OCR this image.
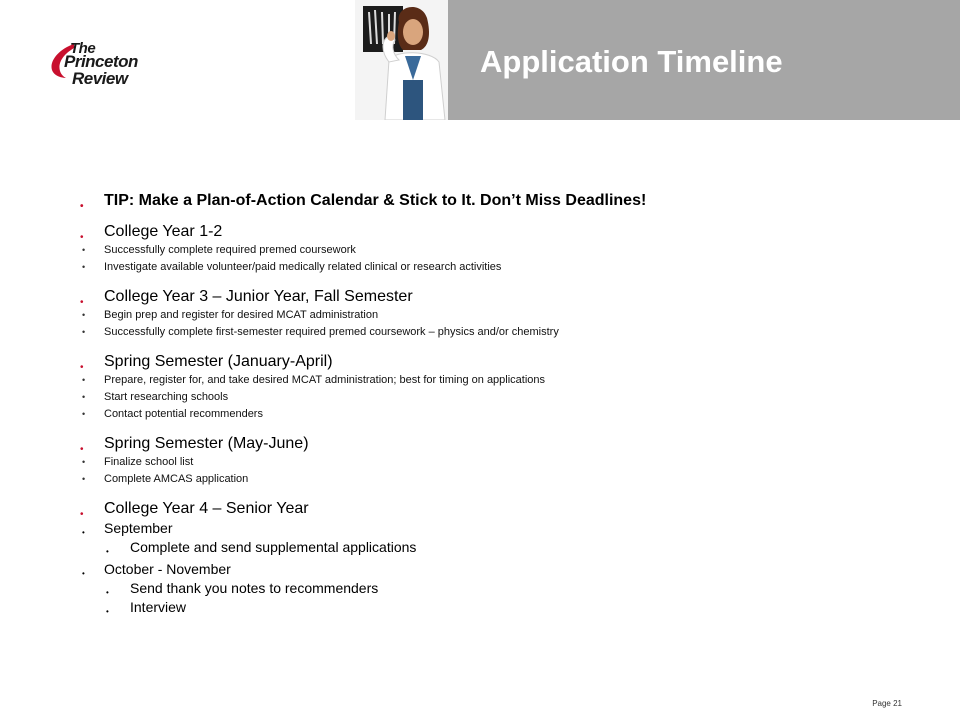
The
Princeton
Review	Application Timeline
• TIP: Make a Plan-of-Action Calendar & Stick to It. Don’t Miss Deadlines!
• College Year 1-2
• Successfully complete required premed coursework
• Investigate available volunteer/paid medically related clinical or research activities
• College Year 3 – Junior Year, Fall Semester
• Begin prep and register for desired MCAT administration
• Successfully complete first-semester required premed coursework – physics and/or chemistry
• Spring Semester (January-April)
• Prepare, register for, and take desired MCAT administration; best for timing on applications
• Start researching schools
• Contact potential recommenders
• Spring Semester (May-June)
• Finalize school list
• Complete AMCAS application
• College Year 4 – Senior Year
• September
• Complete and send supplemental applications
• October - November
• Send thank you notes to recommenders
• Interview
Page 21
